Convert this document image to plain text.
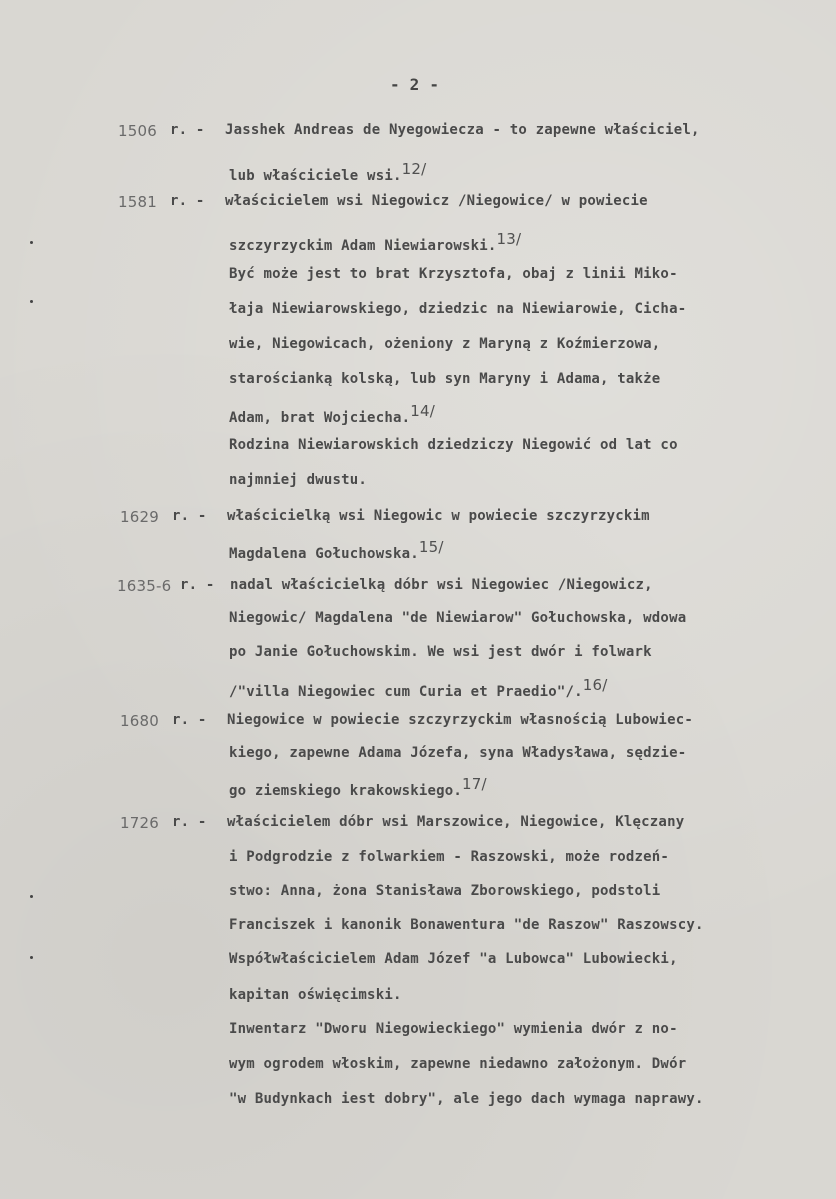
- 2 -
1506 r. - Jasshek Andreas de Nyegowiecza - to zapewne właściciel,
lub właściciele wsi.$^{12/}$
1581 r. - właścicielem wsi Niegowicz /Niegowice/ w powiecie
szczyrzyckim Adam Niewiarowski.$^{13/}$
Być może jest to brat Krzysztofa, obaj z linii Miko-
łaja Niewiarowskiego, dziedzic na Niewiarowie, Cicha-
wie, Niegowicach, ożeniony z Maryną z Koźmierzowa,
starościanką kolską, lub syn Maryny i Adama, także
Adam, brat Wojciecha.$^{14/}$
Rodzina Niewiarowskich dziedziczy Niegowić od lat co
najmniej dwustu.
1629 r. - właścicielką wsi Niegowic w powiecie szczyrzyckim
Magdalena Gołuchowska.$^{15/}$
1635-6 r. - nadal właścicielką dóbr wsi Niegowiec /Niegowicz,
Niegowic/ Magdalena "de Niewiarow" Gołuchowska, wdowa
po Janie Gołuchowskim. We wsi jest dwór i folwark
/"villa Niegowiec cum Curia et Praedio"/.$^{16/}$
1680 r. - Niegowice w powiecie szczyrzyckim własnością Lubowiec-
kiego, zapewne Adama Józefa, syna Władysława, sędzie-
go ziemskiego krakowskiego.$^{17/}$
1726 r. - właścicielem dóbr wsi Marszowice, Niegowice, Klęczany
i Podgrodzie z folwarkiem - Raszowski, może rodzeń-
stwo: Anna, żona Stanisława Zborowskiego, podstoli
Franciszek i kanonik Bonawentura "de Raszow" Raszowscy.
Współwłaścicielem Adam Józef "a Lubowca" Lubowiecki,
kapitan oświęcimski.
Inwentarz "Dworu Niegowieckiego" wymienia dwór z no-
wym ogrodem włoskim, zapewne niedawno założonym. Dwór
"w Budynkach iest dobry", ale jego dach wymaga naprawy.
